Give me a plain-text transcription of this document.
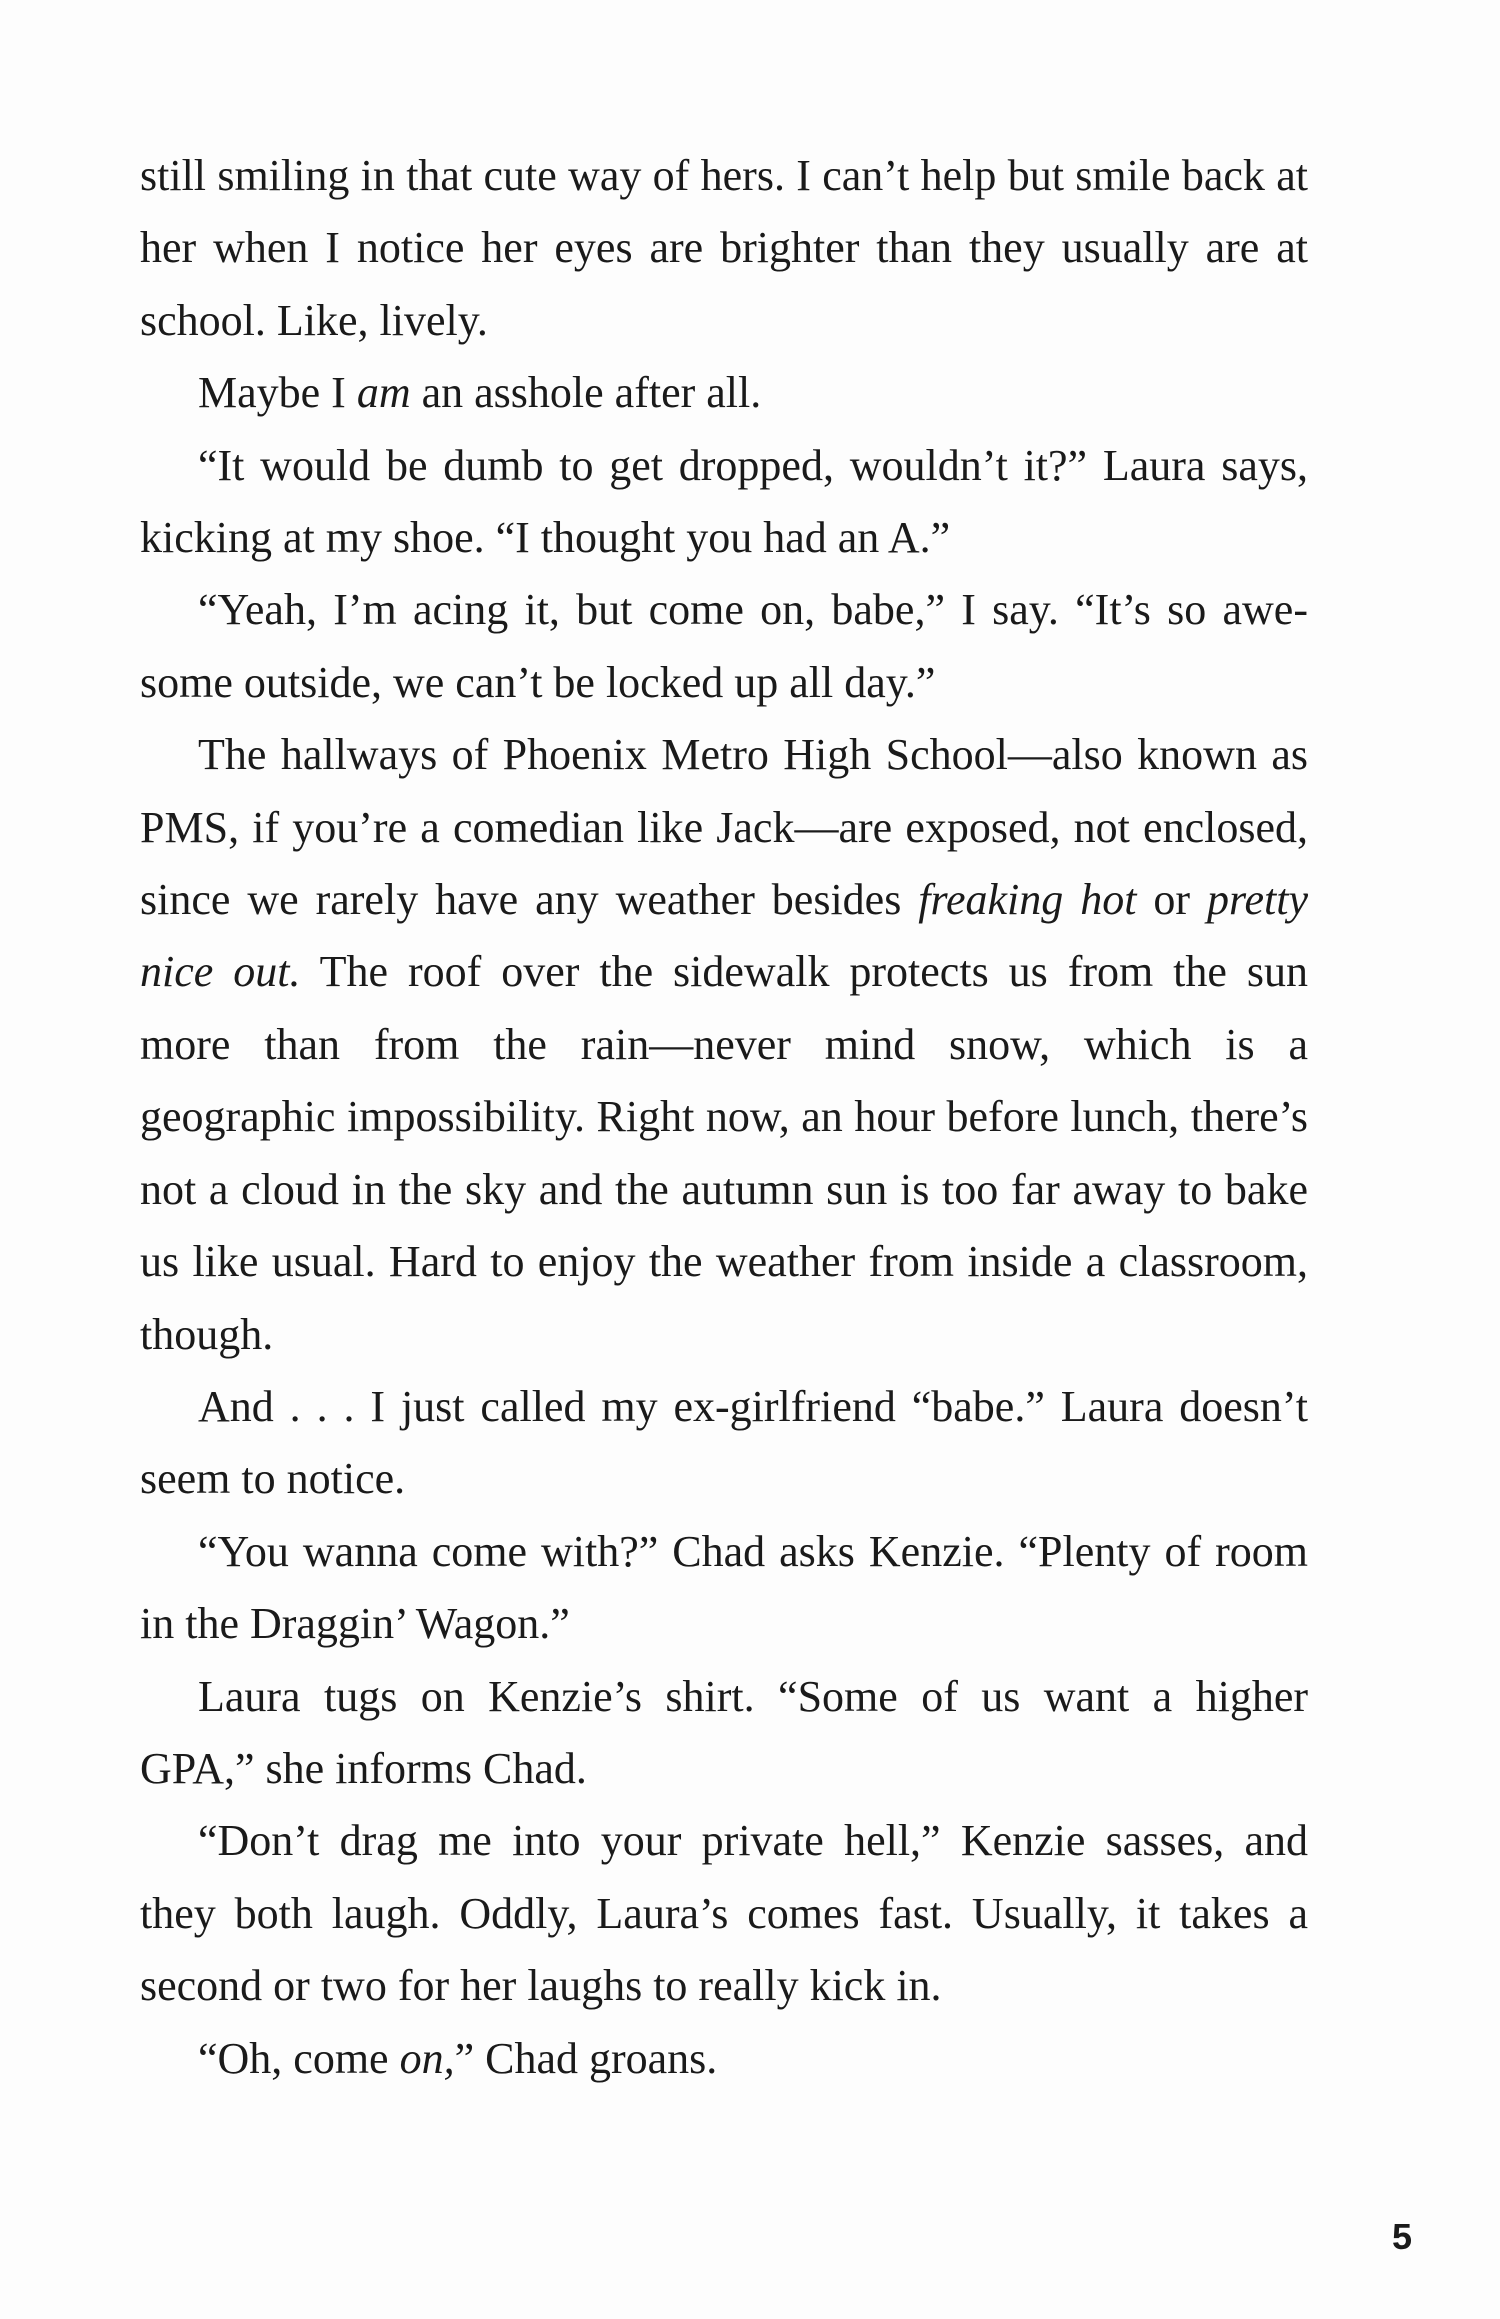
still smiling in that cute way of hers. I can’t help but smile back at her when I notice her eyes are brighter than they usually are at school. Like, lively.

Maybe I am an asshole after all.

“It would be dumb to get dropped, wouldn’t it?” Laura says, kicking at my shoe. “I thought you had an A.”

“Yeah, I’m acing it, but come on, babe,” I say. “It’s so awe-some outside, we can’t be locked up all day.”

The hallways of Phoenix Metro High School—also known as PMS, if you’re a comedian like Jack—are exposed, not enclosed, since we rarely have any weather besides freaking hot or pretty nice out. The roof over the sidewalk protects us from the sun more than from the rain—never mind snow, which is a geographic impossibility. Right now, an hour before lunch, there’s not a cloud in the sky and the autumn sun is too far away to bake us like usual. Hard to enjoy the weather from inside a classroom, though.

And . . . I just called my ex-girlfriend “babe.” Laura doesn’t seem to notice.

“You wanna come with?” Chad asks Kenzie. “Plenty of room in the Draggin’ Wagon.”

Laura tugs on Kenzie’s shirt. “Some of us want a higher GPA,” she informs Chad.

“Don’t drag me into your private hell,” Kenzie sasses, and they both laugh. Oddly, Laura’s comes fast. Usually, it takes a second or two for her laughs to really kick in.

“Oh, come on,” Chad groans.

5
